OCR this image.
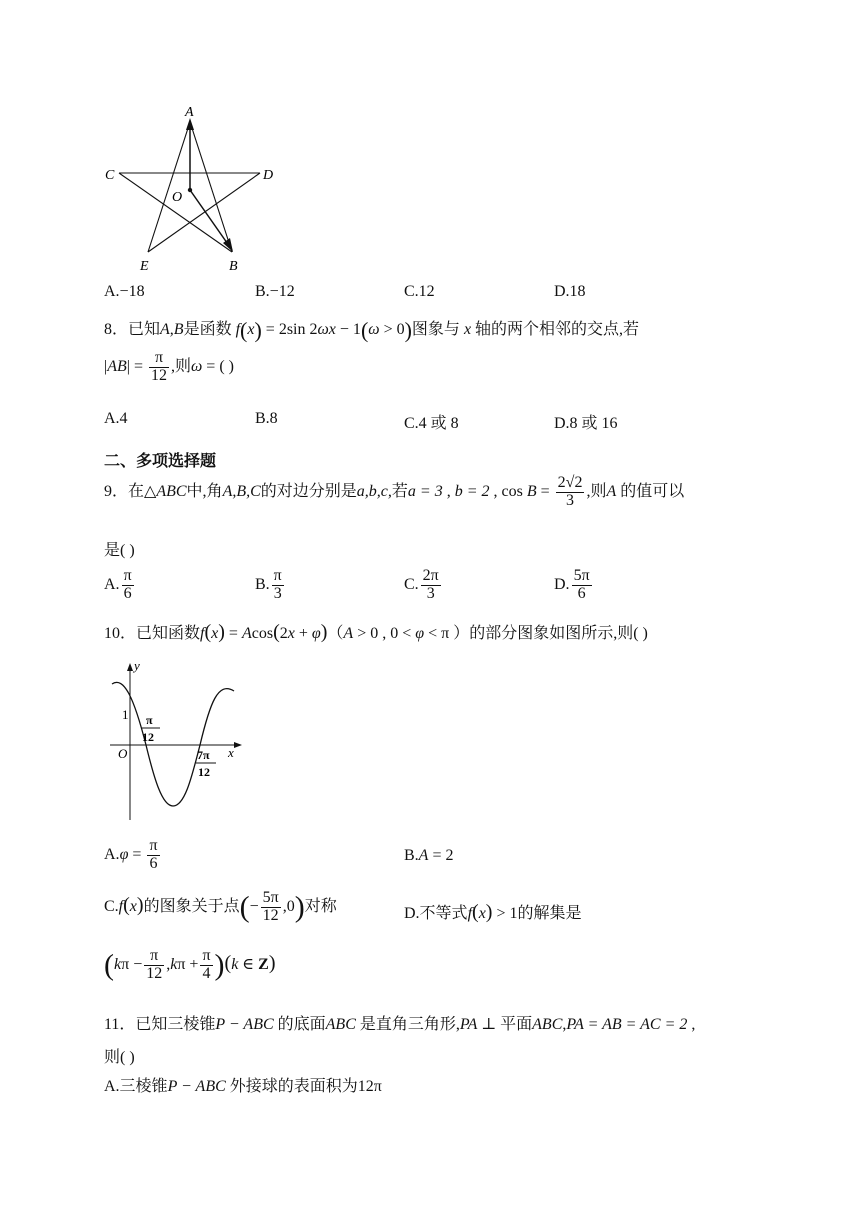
A
C	D
O
E	B
A.−18	B.−12	C.12	D.18
8．已知A,B是函数 f(x) = 2sin 2ωx − 1(ω > 0)图象与 x 轴的两个相邻的交点,若
$|AB| = \frac{\pi}{12}$ ,则ω = ( )
A.4	B.8	C.4 或 8	D.8 或 16
二、多项选择题
9．在△ABC中,角A,B,C的对边分别是a,b,c,若a = 3 , b = 2 , $\cos B = \frac{2√2}{3}$ ,则A 的值可以
是( )
A. $\frac{\pi}{6}$	B. $\frac{\pi}{3}$	C. $\frac{2\pi}{3}$	D. $\frac{5\pi}{6}$
10．已知函数f(x) = Acos(2x + φ)（A > 0 , 0 < φ < π ）的部分图象如图所示,则( )
y
x
O
1 π
12
7π
12
$A.\varphi = \frac{\pi}{6}$	B.A = 2
C.f(x)的图象关于点(− $\frac{5\pi}{12} ,0$)对称	D.不等式f(x) > 1的解集是
$(k\pi - \frac{\pi}{12} ,k\pi + \frac{\pi}{4} )(k$ ∈ Z)
11．已知三棱锥P − ABC 的底面ABC 是直角三角形,PA ⊥ 平面ABC,PA = AB = AC = 2 ,
则( )
A.三棱锥P − ABC 外接球的表面积为12π
